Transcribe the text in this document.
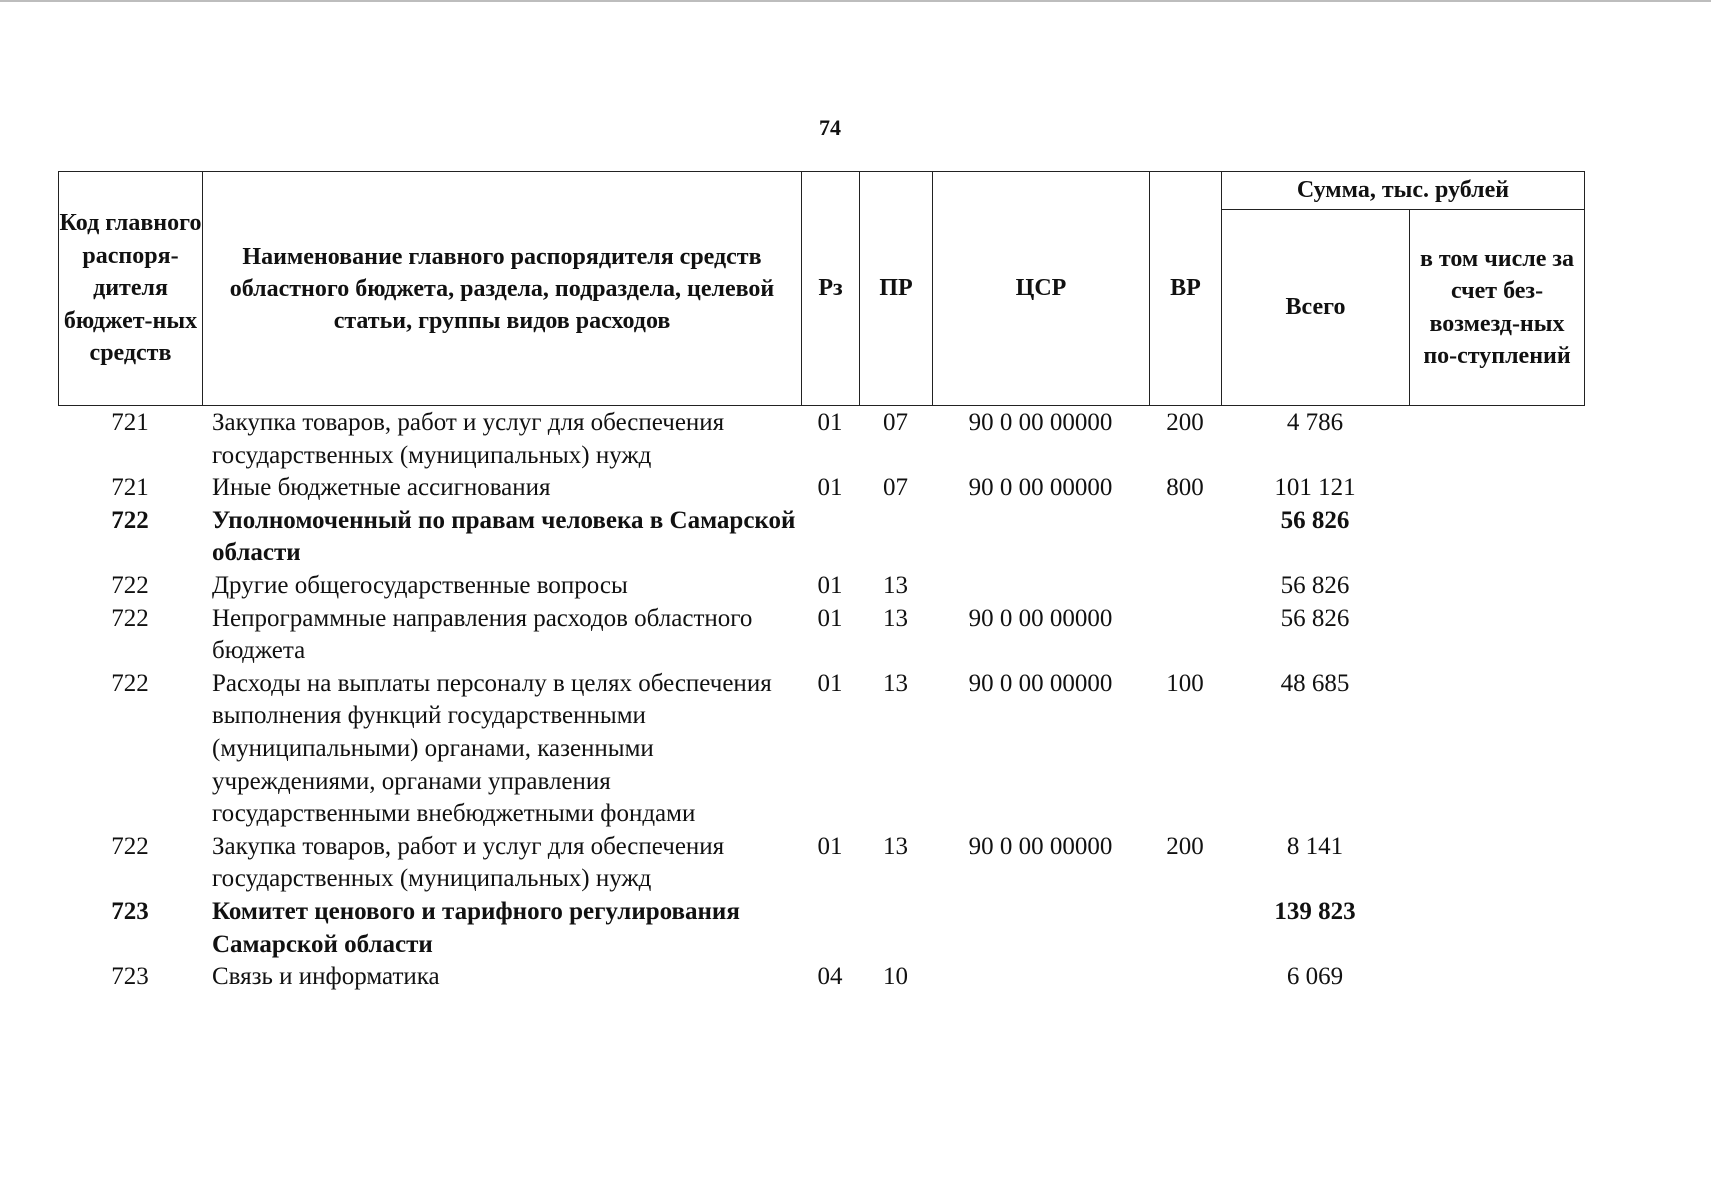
74
Код главного распоря-дителя бюджет-ных средств	Наименование главного распорядителя средств областного бюджета, раздела, подраздела, целевой статьи, группы видов расходов	Рз	ПР	ЦСР	ВР	Сумма, тыс. рублей	
						Всего	в том числе за счет без-возмезд-ных по-ступлений
721	Закупка товаров, работ и услуг для обеспечения государственных (муниципальных) нужд	01	07	90 0 00 00000	200	4 786	
721	Иные бюджетные ассигнования	01	07	90 0 00 00000	800	101 121	
722	Уполномоченный по правам человека в Самарской области					56 826	
722	Другие общегосударственные вопросы	01	13			56 826	
722	Непрограммные направления расходов областного бюджета	01	13	90 0 00 00000		56 826	
722	Расходы на выплаты персоналу в целях обеспечения выполнения функций государственными (муниципальными) органами, казенными учреждениями, органами управления государственными внебюджетными фондами	01	13	90 0 00 00000	100	48 685	
722	Закупка товаров, работ и услуг для обеспечения государственных (муниципальных) нужд	01	13	90 0 00 00000	200	8 141	
723	Комитет ценового и тарифного регулирования Самарской области					139 823	
723	Связь и информатика	04	10			6 069	
